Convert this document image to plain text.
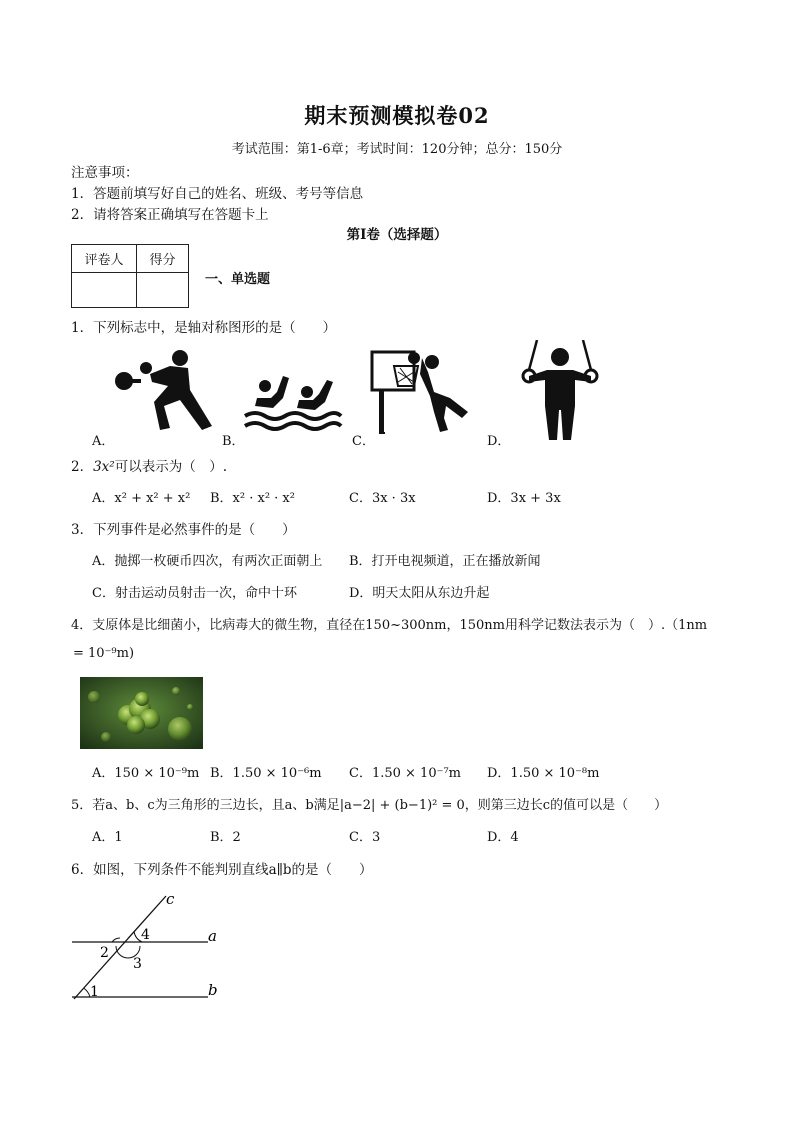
期末预测模拟卷02
考试范围：第1-6章；考试时间：120分钟；总分：150分
注意事项：
1．答题前填写好自己的姓名、班级、考号等信息
2．请将答案正确填写在答题卡上
第I卷（选择题）
评卷人	得分

一、单选题
1．下列标志中，是轴对称图形的是（　　）
A．	B．	C．	D．
2．3x²可以表示为（　）.
A．x² + x² + x² B．x² · x² · x²	C．3x · 3x	D．3x + 3x
3．下列事件是必然事件的是（　　）
A．抛掷一枚硬币四次，有两次正面朝上 B．打开电视频道，正在播放新闻
C．射击运动员射击一次，命中十环	D．明天太阳从东边升起
4．支原体是比细菌小，比病毒大的微生物，直径在150~300nm，150nm用科学记数法表示为（　）.（1nm
= 10⁻⁹m)
A．150 × 10⁻⁹m B．1.50 × 10⁻⁶m C．1.50 × 10⁻⁷m D．1.50 × 10⁻⁸m
5．若a、b、c为三角形的三边长，且a、b满足|a−2| + (b−1)² = 0，则第三边长c的值可以是（　　）
A．1	B．2	C．3	D．4
6．如图，下列条件不能判别直线a∥b的是（　　）
c
a
b
1
2
3
4
